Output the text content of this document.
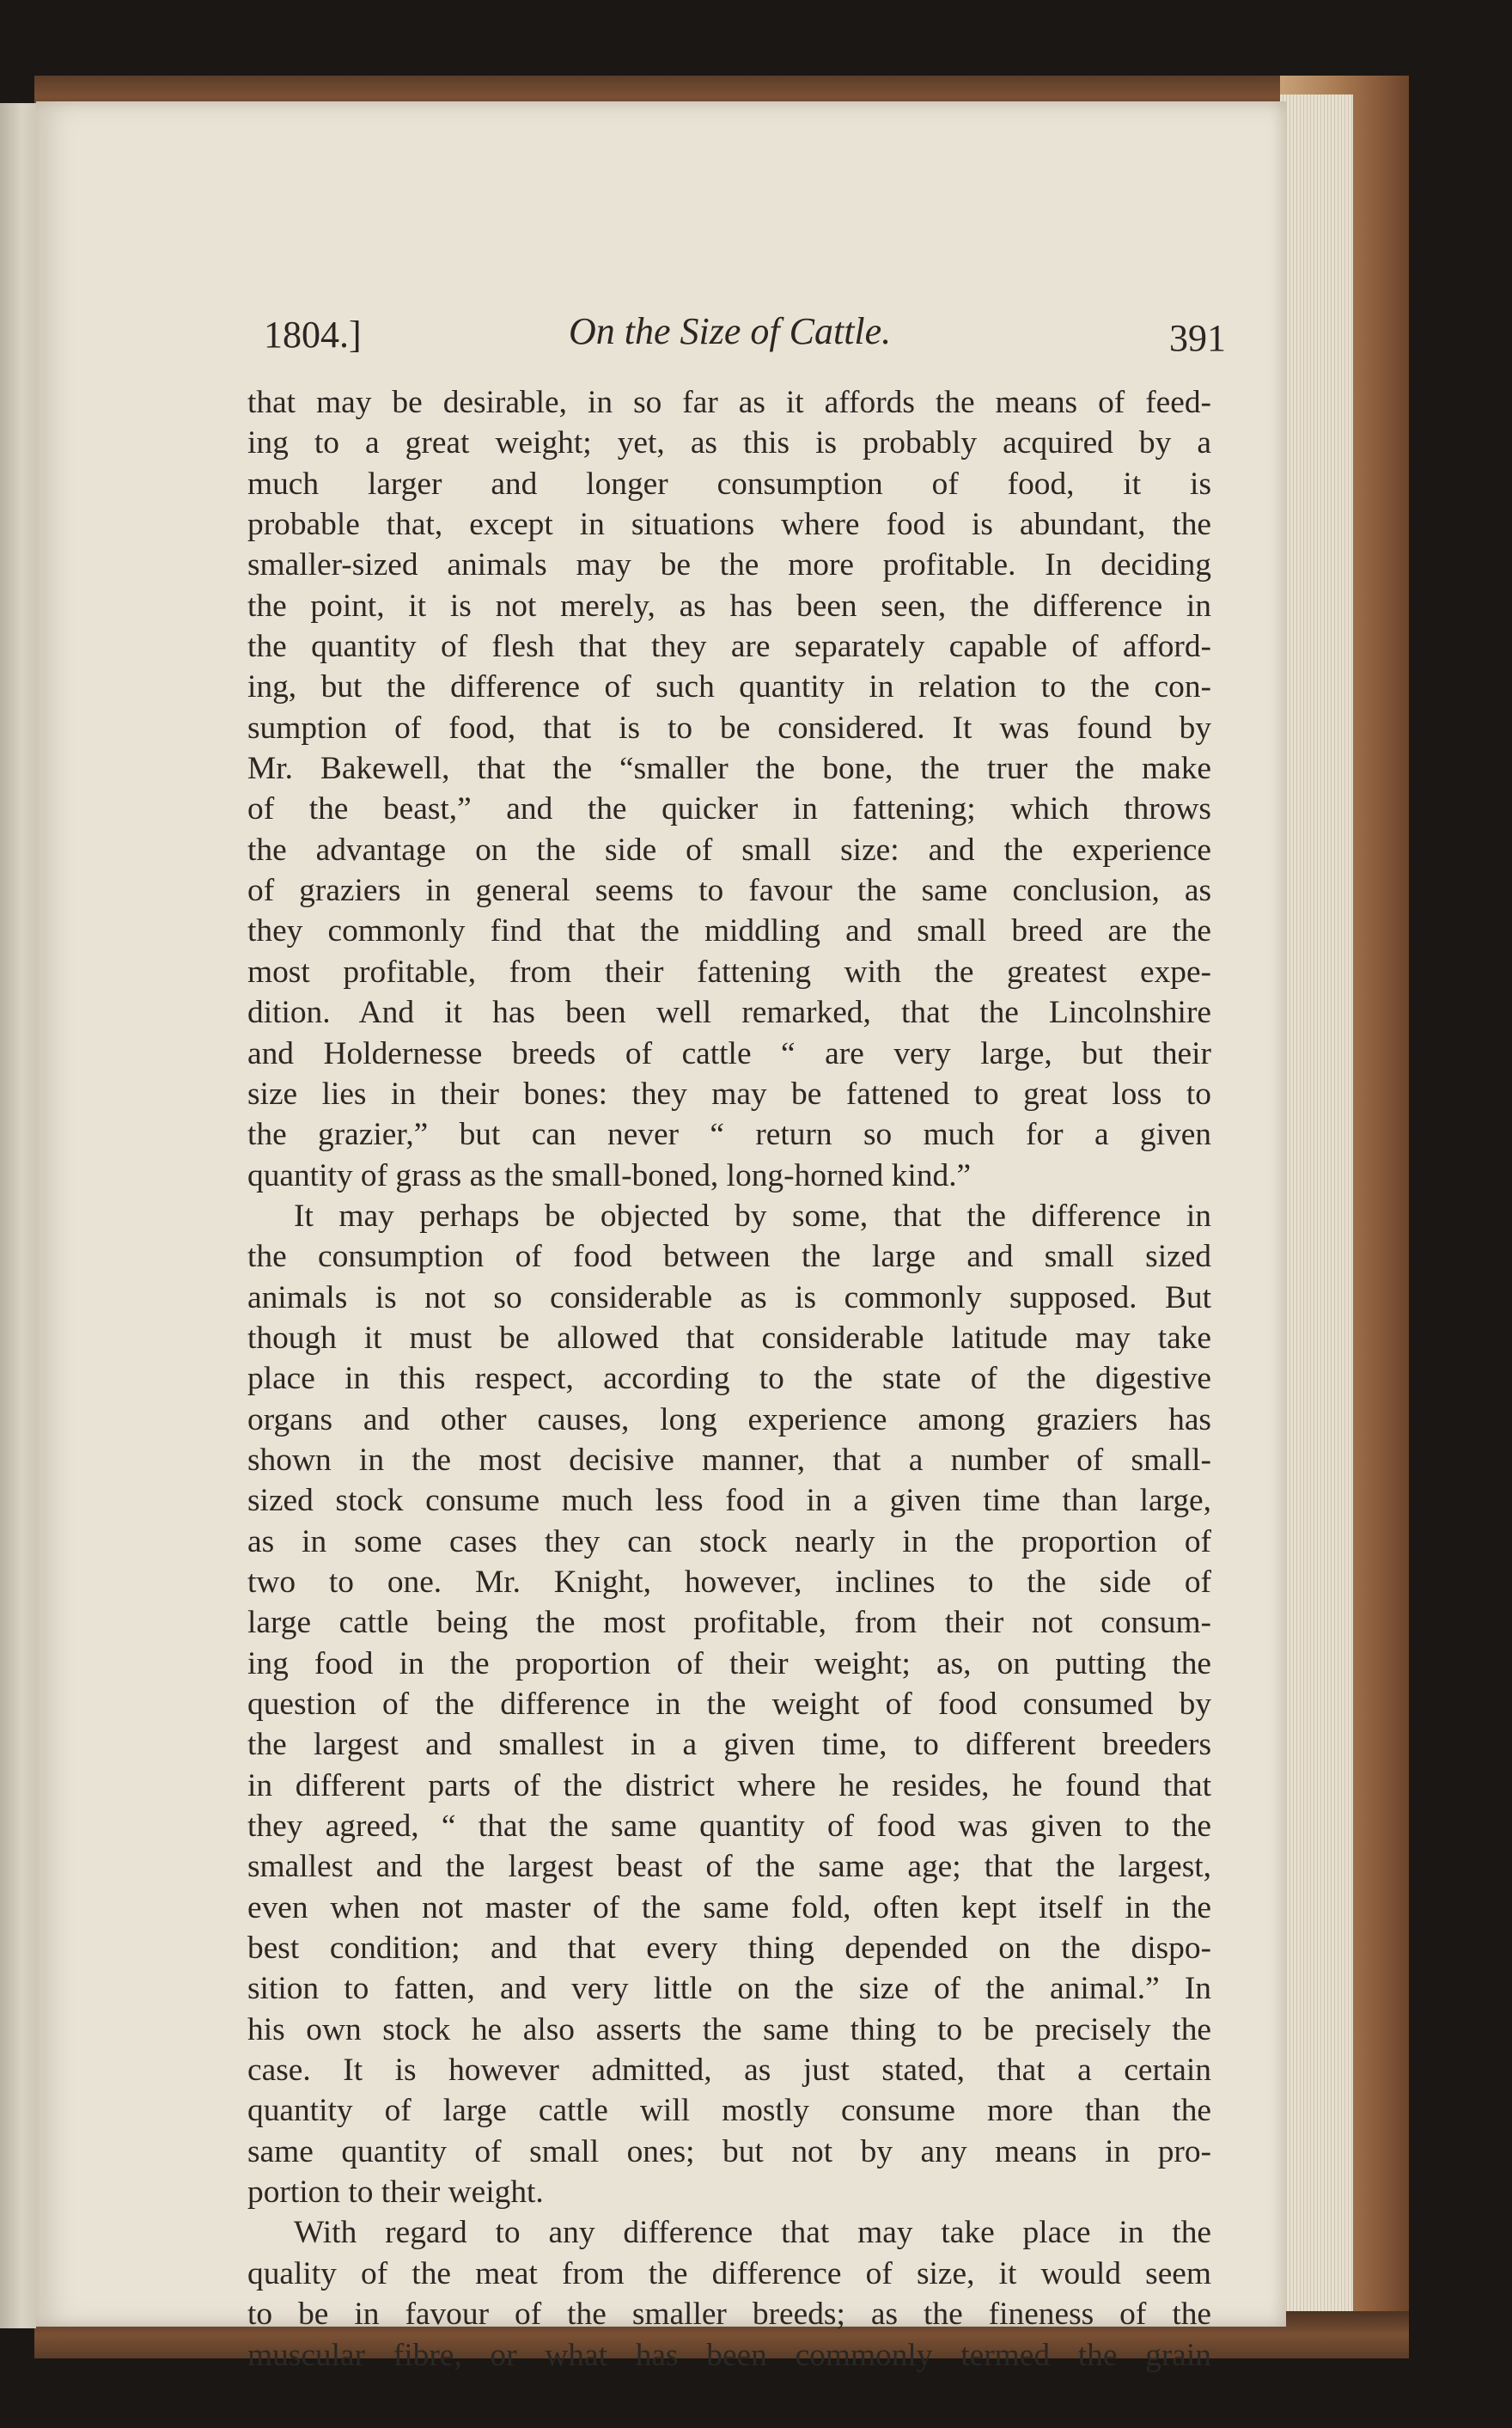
1804.]	On the Size of Cattle.	391
that may be desirable, in so far as it affords the means of feed-
ing to a great weight; yet, as this is probably acquired by a
much larger and longer consumption of food, it is
probable that, except in situations where food is abundant, the
smaller-sized animals may be the more profitable. In deciding
the point, it is not merely, as has been seen, the difference in
the quantity of flesh that they are separately capable of afford-
ing, but the difference of such quantity in relation to the con-
sumption of food, that is to be considered. It was found by
Mr. Bakewell, that the “smaller the bone, the truer the make
of the beast,” and the quicker in fattening; which throws
the advantage on the side of small size: and the experience
of graziers in general seems to favour the same conclusion, as
they commonly find that the middling and small breed are the
most profitable, from their fattening with the greatest expe-
dition. And it has been well remarked, that the Lincolnshire
and Holdernesse breeds of cattle “ are very large, but their
size lies in their bones: they may be fattened to great loss to
the grazier,” but can never “ return so much for a given
quantity of grass as the small-boned, long-horned kind.”
It may perhaps be objected by some, that the difference in
the consumption of food between the large and small sized
animals is not so considerable as is commonly supposed. But
though it must be allowed that considerable latitude may take
place in this respect, according to the state of the digestive
organs and other causes, long experience among graziers has
shown in the most decisive manner, that a number of small-
sized stock consume much less food in a given time than large,
as in some cases they can stock nearly in the proportion of
two to one. Mr. Knight, however, inclines to the side of
large cattle being the most profitable, from their not consum-
ing food in the proportion of their weight; as, on putting the
question of the difference in the weight of food consumed by
the largest and smallest in a given time, to different breeders
in different parts of the district where he resides, he found that
they agreed, “ that the same quantity of food was given to the
smallest and the largest beast of the same age; that the largest,
even when not master of the same fold, often kept itself in the
best condition; and that every thing depended on the dispo-
sition to fatten, and very little on the size of the animal.” In
his own stock he also asserts the same thing to be precisely the
case. It is however admitted, as just stated, that a certain
quantity of large cattle will mostly consume more than the
same quantity of small ones; but not by any means in pro-
portion to their weight.
With regard to any difference that may take place in the
quality of the meat from the difference of size, it would seem
to be in favour of the smaller breeds; as the fineness of the
muscular fibre, or what has been commonly termed the grain
